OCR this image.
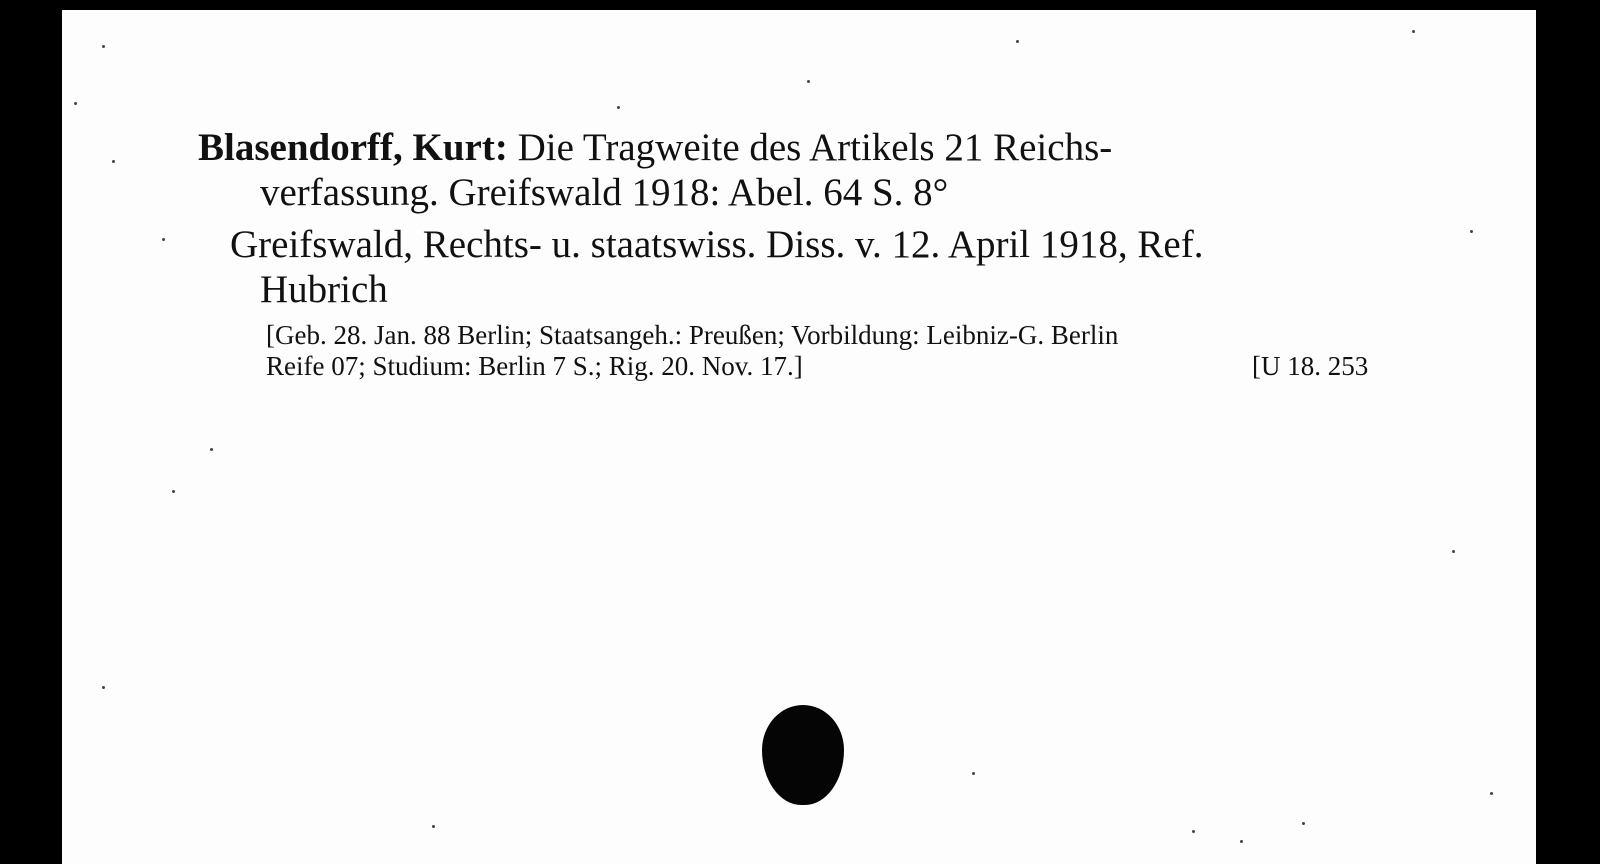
Blasendorff, Kurt: Die Tragweite des Artikels 21 Reichs-
verfassung. Greifswald 1918: Abel. 64 S. 8°
Greifswald, Rechts- u. staatswiss. Diss. v. 12. April 1918, Ref.
Hubrich
[Geb. 28. Jan. 88 Berlin; Staatsangeh.: Preußen; Vorbildung: Leibniz-G. Berlin
Reife 07; Studium: Berlin 7 S.; Rig. 20. Nov. 17.]	[U 18. 253
